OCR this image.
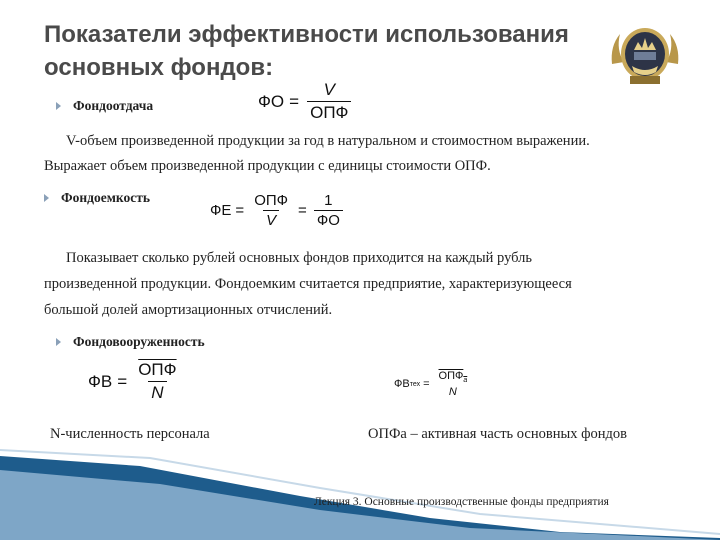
Показатели эффективности использования
основных фондов:
Фондоотдача	ФО = $\frac{V}{\text{ОПФ}}$
V-объем произведенной продукции за год в натуральном и стоимостном выражении.
Выражает объем произведенной продукции с единицы стоимости ОПФ.
Фондоемкость
ФЕ = $\frac{\text{ОПФ}}{V} = \frac{1}{ФО}$
Показывает сколько рублей основных фондов приходится на каждый рубль
произведенной продукции. Фондоемким считается предприятие, характеризующееся
большой долей амортизационных отчислений.
Фондовооруженность
ФВ = $\frac{\text{ОПФ}}{N}$	ФВ тех =
$ОПФ_а$
N
N-численность персонала	ОПФа – активная часть основных фондов
Лекция 3. Основные производственные фонды предприятия
